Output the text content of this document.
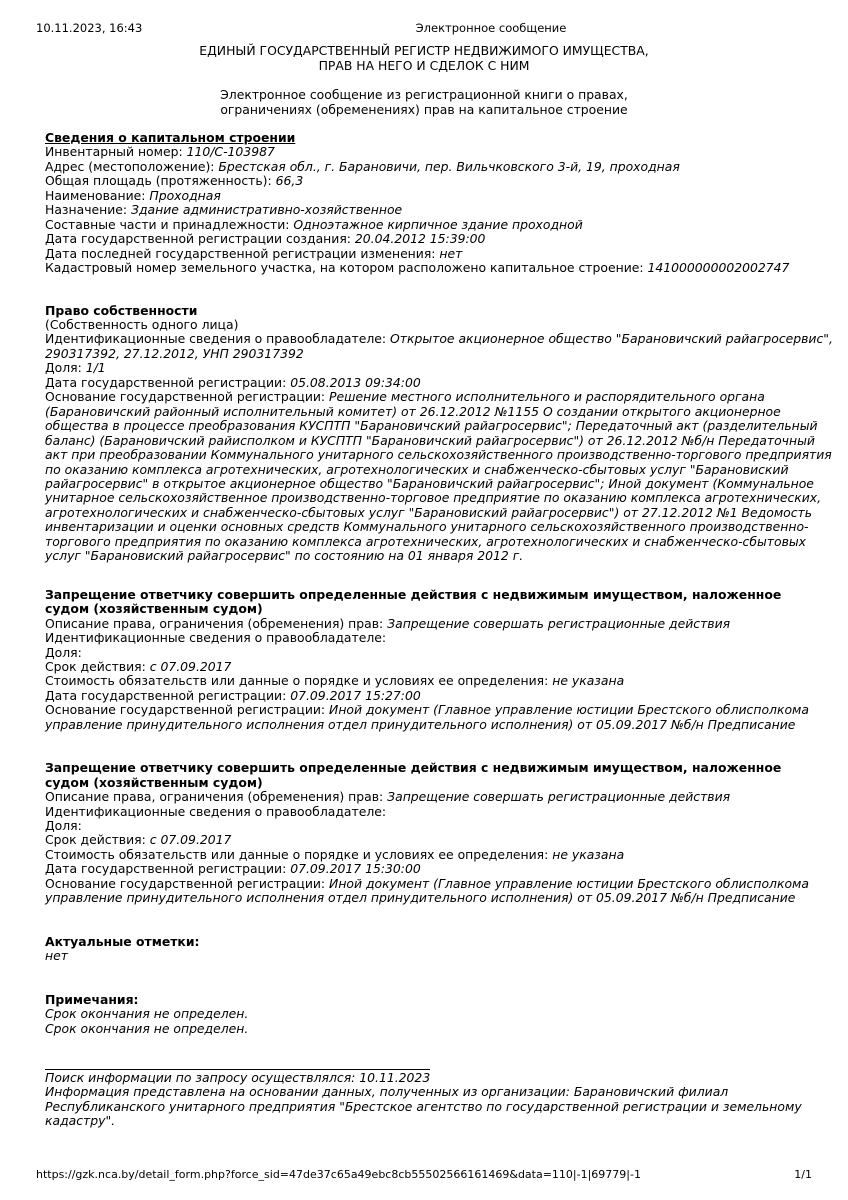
10.11.2023, 16:43	Электронное сообщение
ЕДИНЫЙ ГОСУДАРСТВЕННЫЙ РЕГИСТР НЕДВИЖИМОГО ИМУЩЕСТВА,
ПРАВ НА НЕГО И СДЕЛОК С НИМ
Электронное сообщение из регистрационной книги о правах,
ограничениях (обременениях) прав на капитальное строение
Сведения о капитальном строении
Инвентарный номер: 110/C-103987
Адрес (местоположение): Брестская обл., г. Барановичи, пер. Вильчковского 3-й, 19, проходная
Общая площадь (протяженность): 66,3
Наименование: Проходная
Назначение: Здание административно-хозяйственное
Составные части и принадлежности: Одноэтажное кирпичное здание проходной
Дата государственной регистрации создания: 20.04.2012 15:39:00
Дата последней государственной регистрации изменения: нет
Кадастровый номер земельного участка, на котором расположено капитальное строение: 141000000002002747
Право собственности
(Собственность одного лица)
Идентификационные сведения о правообладателе: Открытое акционерное общество "Барановичский райагросервис",
290317392, 27.12.2012, УНП 290317392
Доля: 1/1
Дата государственной регистрации: 05.08.2013 09:34:00
Основание государственной регистрации: Решение местного исполнительного и распорядительного органа
(Барановичский районный исполнительный комитет) от 26.12.2012 №1155 О создании открытого акционерное
общества в процессе преобразования КУСПТП "Барановичский райагросервис"; Передаточный акт (разделительный
баланс) (Барановичский райисполком и КУСПТП "Барановичский райагросервис") от 26.12.2012 №б/н Передаточный
акт при преобразовании Коммунального унитарного сельскохозяйственного производственно-торгового предприятия
по оказанию комплекса агротехнических, агротехнологических и снабженческо-сбытовых услуг "Барановиский
райагросервис" в открытое акционерное общество "Барановичский райагросервис"; Иной документ (Коммунальное
унитарное сельскохозяйственное производственно-торговое предприятие по оказанию комплекса агротехнических,
агротехнологических и снабженческо-сбытовых услуг "Барановиский райагросервис") от 27.12.2012 №1 Ведомость
инвентаризации и оценки основных средств Коммунального унитарного сельскохозяйственного производственно-
торгового предприятия по оказанию комплекса агротехнических, агротехнологических и снабженческо-сбытовых
услуг "Барановиский райагросервис" по состоянию на 01 января 2012 г.
Запрещение ответчику совершить определенные действия с недвижимым имуществом, наложенное
судом (хозяйственным судом)
Описание права, ограничения (обременения) прав: Запрещение совершать регистрационные действия
Идентификационные сведения о правообладателе:
Доля:
Срок действия: с 07.09.2017
Стоимость обязательств или данные о порядке и условиях ее определения: не указана
Дата государственной регистрации: 07.09.2017 15:27:00
Основание государственной регистрации: Иной документ (Главное управление юстиции Брестского облисполкома
управление принудительного исполнения отдел принудительного исполнения) от 05.09.2017 №б/н Предписание
Запрещение ответчику совершить определенные действия с недвижимым имуществом, наложенное
судом (хозяйственным судом)
Описание права, ограничения (обременения) прав: Запрещение совершать регистрационные действия
Идентификационные сведения о правообладателе:
Доля:
Срок действия: с 07.09.2017
Стоимость обязательств или данные о порядке и условиях ее определения: не указана
Дата государственной регистрации: 07.09.2017 15:30:00
Основание государственной регистрации: Иной документ (Главное управление юстиции Брестского облисполкома
управление принудительного исполнения отдел принудительного исполнения) от 05.09.2017 №б/н Предписание
Актуальные отметки:
нет
Примечания:
Срок окончания не определен.
Срок окончания не определен.
Поиск информации по запросу осуществлялся: 10.11.2023
Информация представлена на основании данных, полученных из организации: Барановичский филиал
Республиканского унитарного предприятия "Брестское агентство по государственной регистрации и земельному
кадастру".
https://gzk.nca.by/detail_form.php?force_sid=47de37c65a49ebc8cb55502566161469&data=110|-1|69779|-1	1/1
